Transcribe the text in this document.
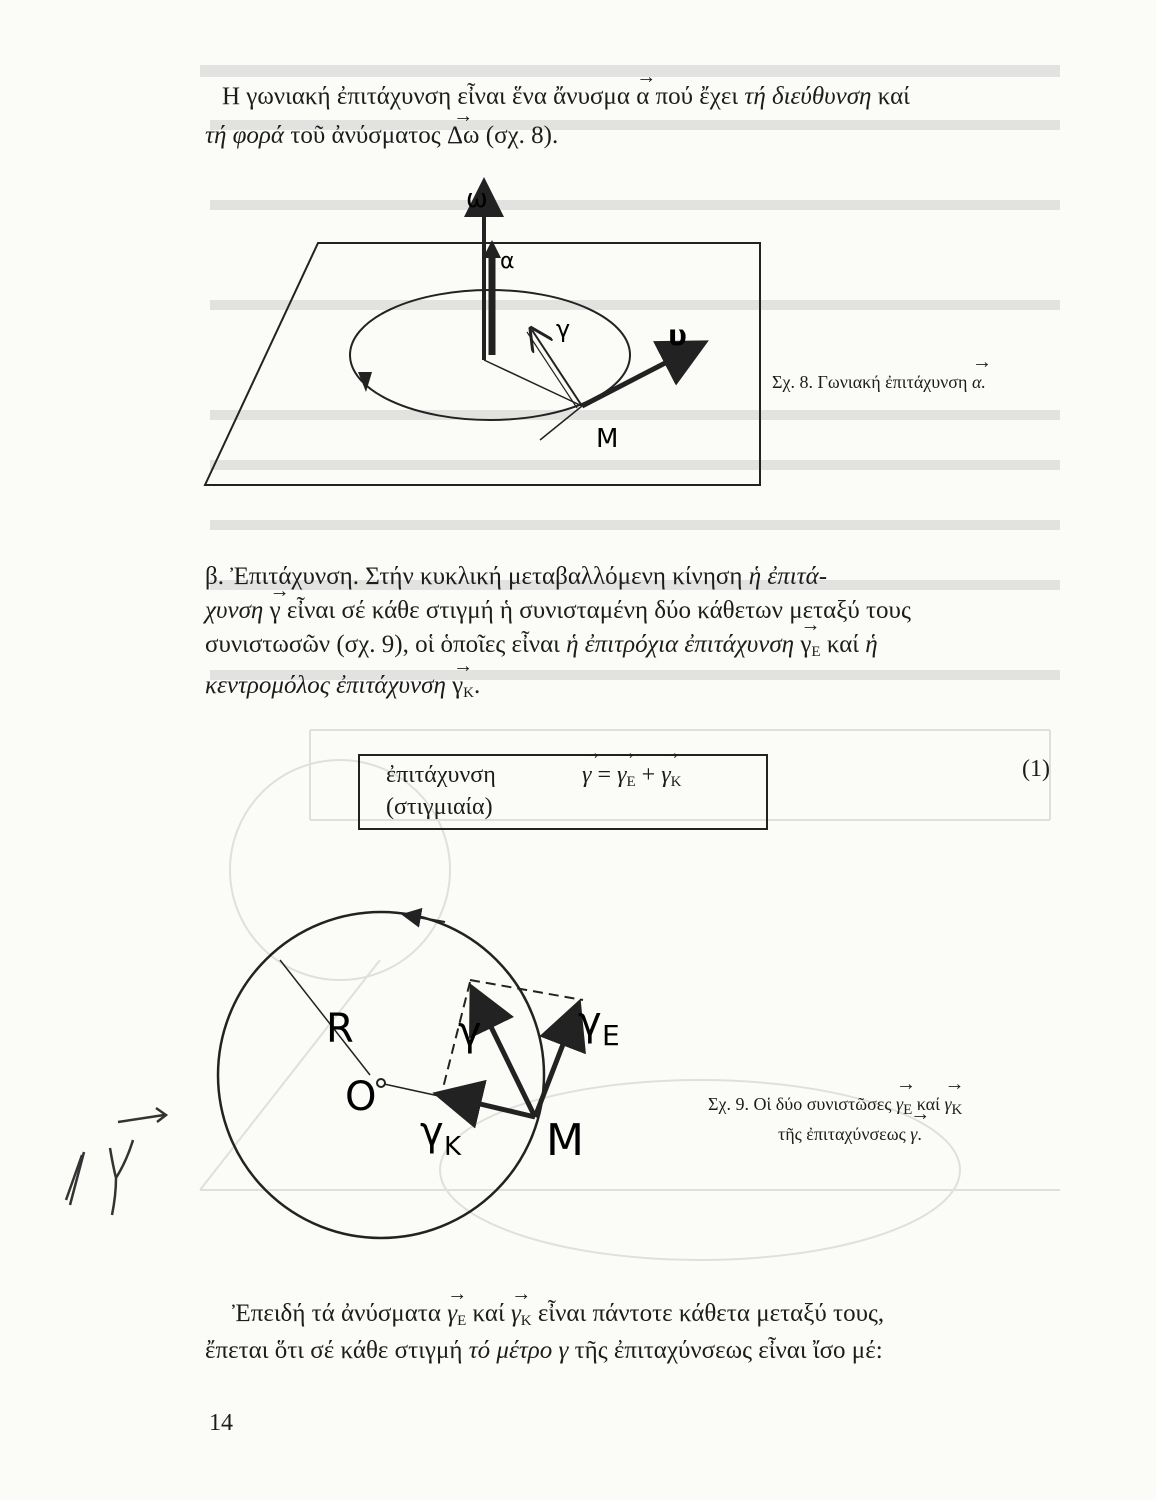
Η γωνιακή ἐπιτάχυνση εἶναι ἕνα ἄνυσμα → α πού ἔχει τή διεύθυνση καί
τή φορά τοῦ ἀνύσματος → Δω (σχ. 8).
ω
α
γ	υ
M
Σχ. 8. Γωνιακή ἐπιτάχυνση → α.
β. Ἐπιτάχυνση. Στήν κυκλική μεταβαλλόμενη κίνηση ἡ ἐπιτά-
χυνση → γ εἶναι σέ κάθε στιγμή ἡ συνισταμένη δύο κάθετων μεταξύ τους
συνιστωσῶν (σχ. 9), οἱ ὁποῖες εἶναι ἡ ἐπιτρόχια ἐπιτάχυνση → $\gamma_E$ καί ἡ
κεντρομόλος ἐπιτάχυνση → $\gamma_K$.
ἐπιτάχυνση
(στιγμιαία)
→ γ = → $\gamma_E$ + → $\gamma_K$	(1)
R
O
M
γ γ Ε
γ Κ
Σχ. 9. Οἱ δύο συνιστῶσες → $\gamma_E$ $\kappa\alpha ί \to \gamma_K$
τῆς ἐπιταχύνσεως → γ.
Ἐπειδή τά ἀνύσματα → $\gamma_E$ $\kappa\alpha ί \to \gamma_K$ εἶναι πάντοτε κάθετα μεταξύ τους,
ἔπεται ὅτι σέ κάθε στιγμή τό μέτρο γ τῆς ἐπιταχύνσεως εἶναι ἴσο μέ:
14
